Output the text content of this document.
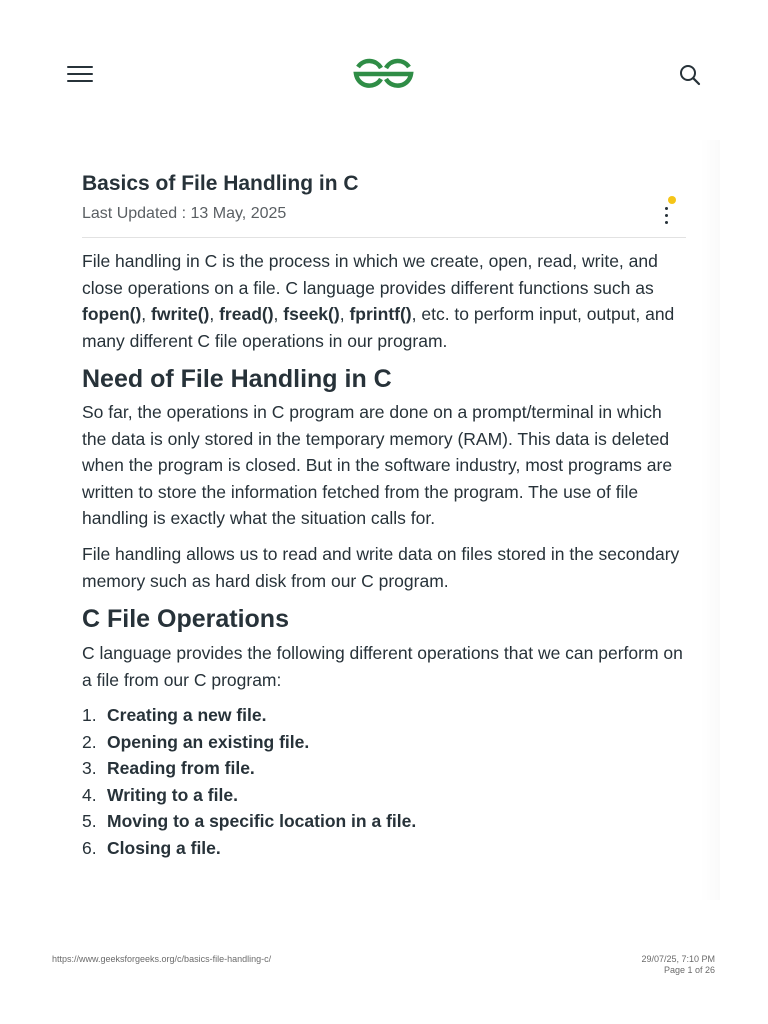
Basics of File Handling in C

Last Updated : 13 May, 2025

File handling in C is the process in which we create, open, read, write, and close operations on a file. C language provides different functions such as fopen(), fwrite(), fread(), fseek(), fprintf(), etc. to perform input, output, and many different C file operations in our program.

Need of File Handling in C

So far, the operations in C program are done on a prompt/terminal in which the data is only stored in the temporary memory (RAM). This data is deleted when the program is closed. But in the software industry, most programs are written to store the information fetched from the program. The use of file handling is exactly what the situation calls for.

File handling allows us to read and write data on files stored in the secondary memory such as hard disk from our C program.

C File Operations

C language provides the following different operations that we can perform on a file from our C program:

1. Creating a new file.
2. Opening an existing file.
3. Reading from file.
4. Writing to a file.
5. Moving to a specific location in a file.
6. Closing a file.
https://www.geeksforgeeks.org/c/basics-file-handling-c/	29/07/25, 7:10 PM
Page 1 of 26
